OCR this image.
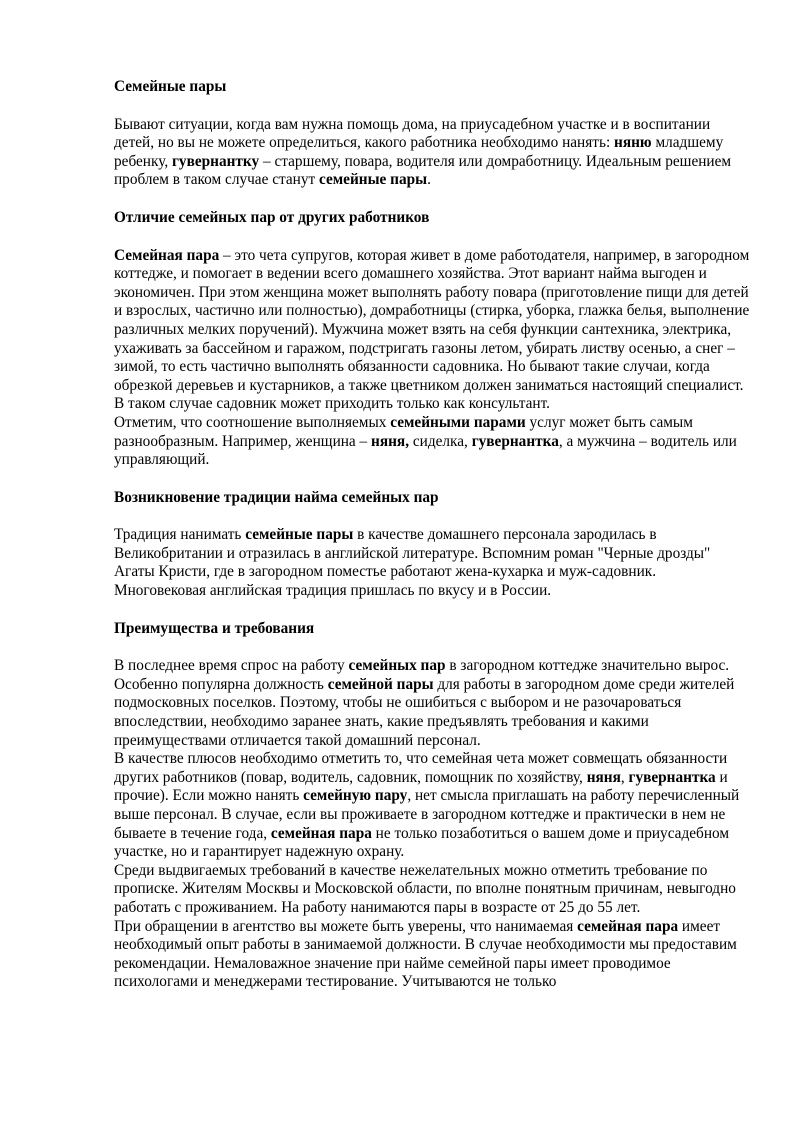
Семейные пары

Бывают ситуации, когда вам нужна помощь дома, на приусадебном участке и в воспитании детей, но вы не можете определиться, какого работника необходимо нанять: няню младшему ребенку, гувернантку – старшему, повара, водителя или домработницу. Идеальным решением проблем в таком случае станут семейные пары.

Отличие семейных пар от других работников

Семейная пара – это чета супругов, которая живет в доме работодателя, например, в загородном коттедже, и помогает в ведении всего домашнего хозяйства. Этот вариант найма выгоден и экономичен. При этом женщина может выполнять работу повара (приготовление пищи для детей и взрослых, частично или полностью), домработницы (стирка, уборка, глажка белья, выполнение различных мелких поручений). Мужчина может взять на себя функции сантехника, электрика, ухаживать за бассейном и гаражом, подстригать газоны летом, убирать листву осенью, а снег – зимой, то есть частично выполнять обязанности садовника. Но бывают такие случаи, когда обрезкой деревьев и кустарников, а также цветником должен заниматься настоящий специалист. В таком случае садовник может приходить только как консультант.

Отметим, что соотношение выполняемых семейными парами услуг может быть самым разнообразным. Например, женщина – няня, сиделка, гувернантка, а мужчина – водитель или управляющий.

Возникновение традиции найма семейных пар

Традиция нанимать семейные пары в качестве домашнего персонала зародилась в Великобритании и отразилась в английской литературе. Вспомним роман "Черные дрозды" Агаты Кристи, где в загородном поместье работают жена-кухарка и муж-садовник. Многовековая английская традиция пришлась по вкусу и в России.

Преимущества и требования

В последнее время спрос на работу семейных пар в загородном коттедже значительно вырос. Особенно популярна должность семейной пары для работы в загородном доме среди жителей подмосковных поселков. Поэтому, чтобы не ошибиться с выбором и не разочароваться впоследствии, необходимо заранее знать, какие предъявлять требования и какими преимуществами отличается такой домашний персонал.

В качестве плюсов необходимо отметить то, что семейная чета может совмещать обязанности других работников (повар, водитель, садовник, помощник по хозяйству, няня, гувернантка и прочие). Если можно нанять семейную пару, нет смысла приглашать на работу перечисленный выше персонал. В случае, если вы проживаете в загородном коттедже и практически в нем не бываете в течение года, семейная пара не только позаботиться о вашем доме и приусадебном участке, но и гарантирует надежную охрану.

Среди выдвигаемых требований в качестве нежелательных можно отметить требование по прописке. Жителям Москвы и Московской области, по вполне понятным причинам, невыгодно работать с проживанием. На работу нанимаются пары в возрасте от 25 до 55 лет.

При обращении в агентство вы можете быть уверены, что нанимаемая семейная пара имеет необходимый опыт работы в занимаемой должности. В случае необходимости мы предоставим рекомендации. Немаловажное значение при найме семейной пары имеет проводимое психологами и менеджерами тестирование. Учитываются не только
